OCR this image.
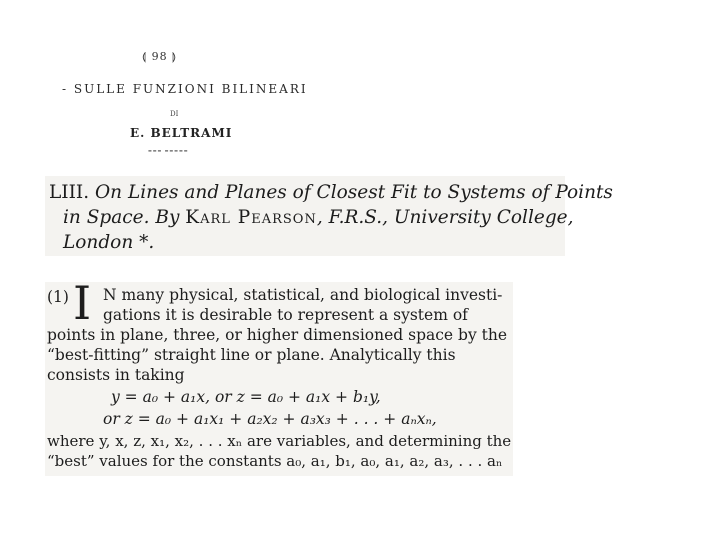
⟬ 98 ⟭
- SULLE FUNZIONI BILINEARI
DI
E. BELTRAMI
▬▬▬ ▬▬▬▬▬
LIII. On Lines and Planes of Closest Fit to Systems of Points
in Space. By Karl Pearson, F.R.S., University College,
London *.
(1) I N many physical, statistical, and biological investi-
gations it is desirable to represent a system of
points in plane, three, or higher dimensioned space by the
“best-fitting” straight line or plane. Analytically this
consists in taking
y = a₀ + a₁x, or z = a₀ + a₁x + b₁y,
or z = a₀ + a₁x₁ + a₂x₂ + a₃x₃ + . . . + aₙxₙ,
where y, x, z, x₁, x₂, . . . xₙ are variables, and determining the
“best” values for the constants a₀, a₁, b₁, a₀, a₁, a₂, a₃, . . . aₙ
